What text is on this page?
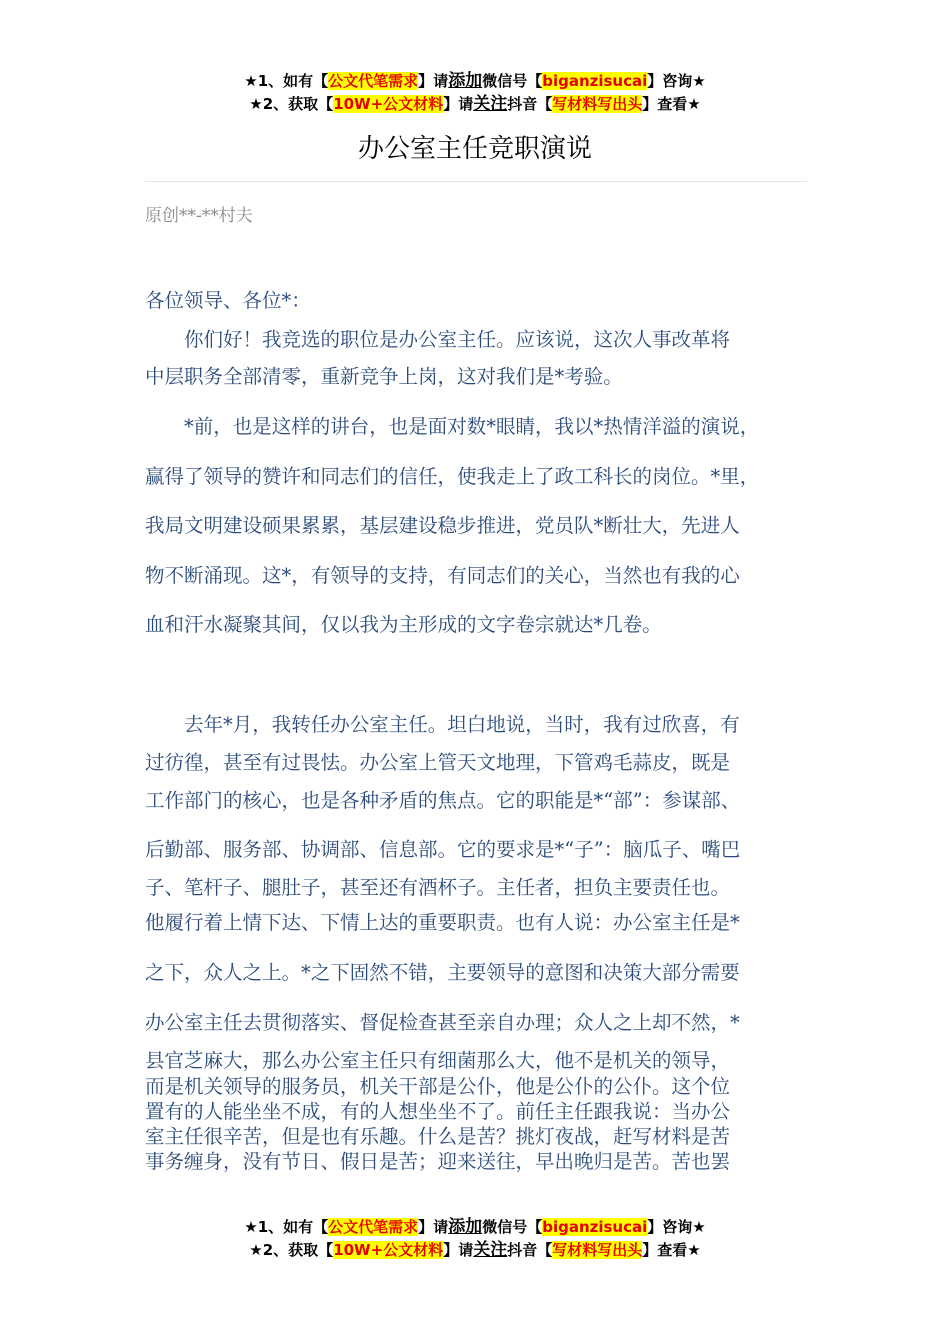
★1、如有【公文代笔需求】请添加微信号【biganzisucai】咨询★
★2、获取【10W+公文材料】请关注抖音【写材料写出头】查看★
办公室主任竞职演说
原创**-**村夫
各位领导、各位*：
你们好！我竞选的职位是办公室主任。应该说，这次人事改革将
中层职务全部清零，重新竞争上岗，这对我们是*考验。
*前，也是这样的讲台，也是面对数*眼睛，我以*热情洋溢的演说，
赢得了领导的赞许和同志们的信任，使我走上了政工科长的岗位。*里，
我局文明建设硕果累累，基层建设稳步推进，党员队*断壮大，先进人
物不断涌现。这*，有领导的支持，有同志们的关心，当然也有我的心
血和汗水凝聚其间，仅以我为主形成的文字卷宗就达*几卷。
去年*月，我转任办公室主任。坦白地说，当时，我有过欣喜，有
过彷徨，甚至有过畏怯。办公室上管天文地理，下管鸡毛蒜皮，既是
工作部门的核心，也是各种矛盾的焦点。它的职能是*“部”：参谋部、
后勤部、服务部、协调部、信息部。它的要求是*“子”：脑瓜子、嘴巴
子、笔杆子、腿肚子，甚至还有酒杯子。主任者，担负主要责任也。
他履行着上情下达、下情上达的重要职责。也有人说：办公室主任是*
之下，众人之上。*之下固然不错，主要领导的意图和决策大部分需要
办公室主任去贯彻落实、督促检查甚至亲自办理；众人之上却不然，*
县官芝麻大，那么办公室主任只有细菌那么大，他不是机关的领导，
而是机关领导的服务员，机关干部是公仆，他是公仆的公仆。这个位
置有的人能坐坐不成，有的人想坐坐不了。前任主任跟我说：当办公
室主任很辛苦，但是也有乐趣。什么是苦？挑灯夜战，赶写材料是苦
事务缠身，没有节日、假日是苦；迎来送往，早出晚归是苦。苦也罢
★1、如有【公文代笔需求】请添加微信号【biganzisucai】咨询★
★2、获取【10W+公文材料】请关注抖音【写材料写出头】查看★
